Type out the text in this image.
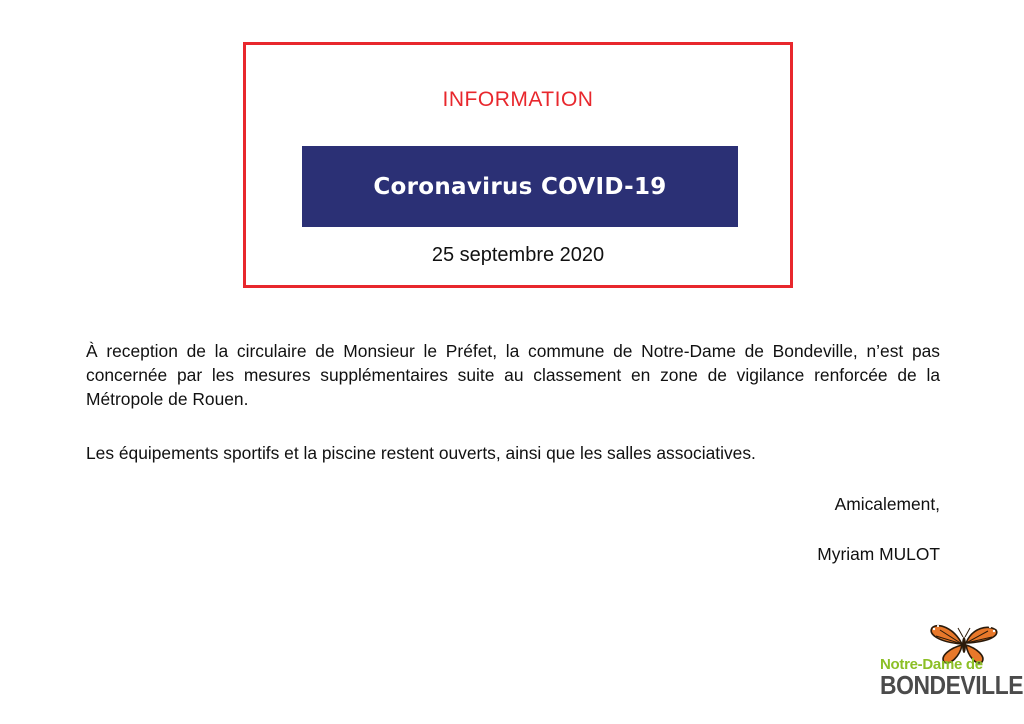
INFORMATION
Coronavirus COVID-19
25 septembre 2020

À reception de la circulaire de Monsieur le Préfet, la commune de Notre-Dame de Bondeville, n’est pas concernée par les mesures supplémentaires suite au classement en zone de vigilance renforcée de la Métropole de Rouen.

Les équipements sportifs et la piscine restent ouverts, ainsi que les salles associatives.

Amicalement,

Myriam MULOT

Notre-Dame de
BONDEVILLE
